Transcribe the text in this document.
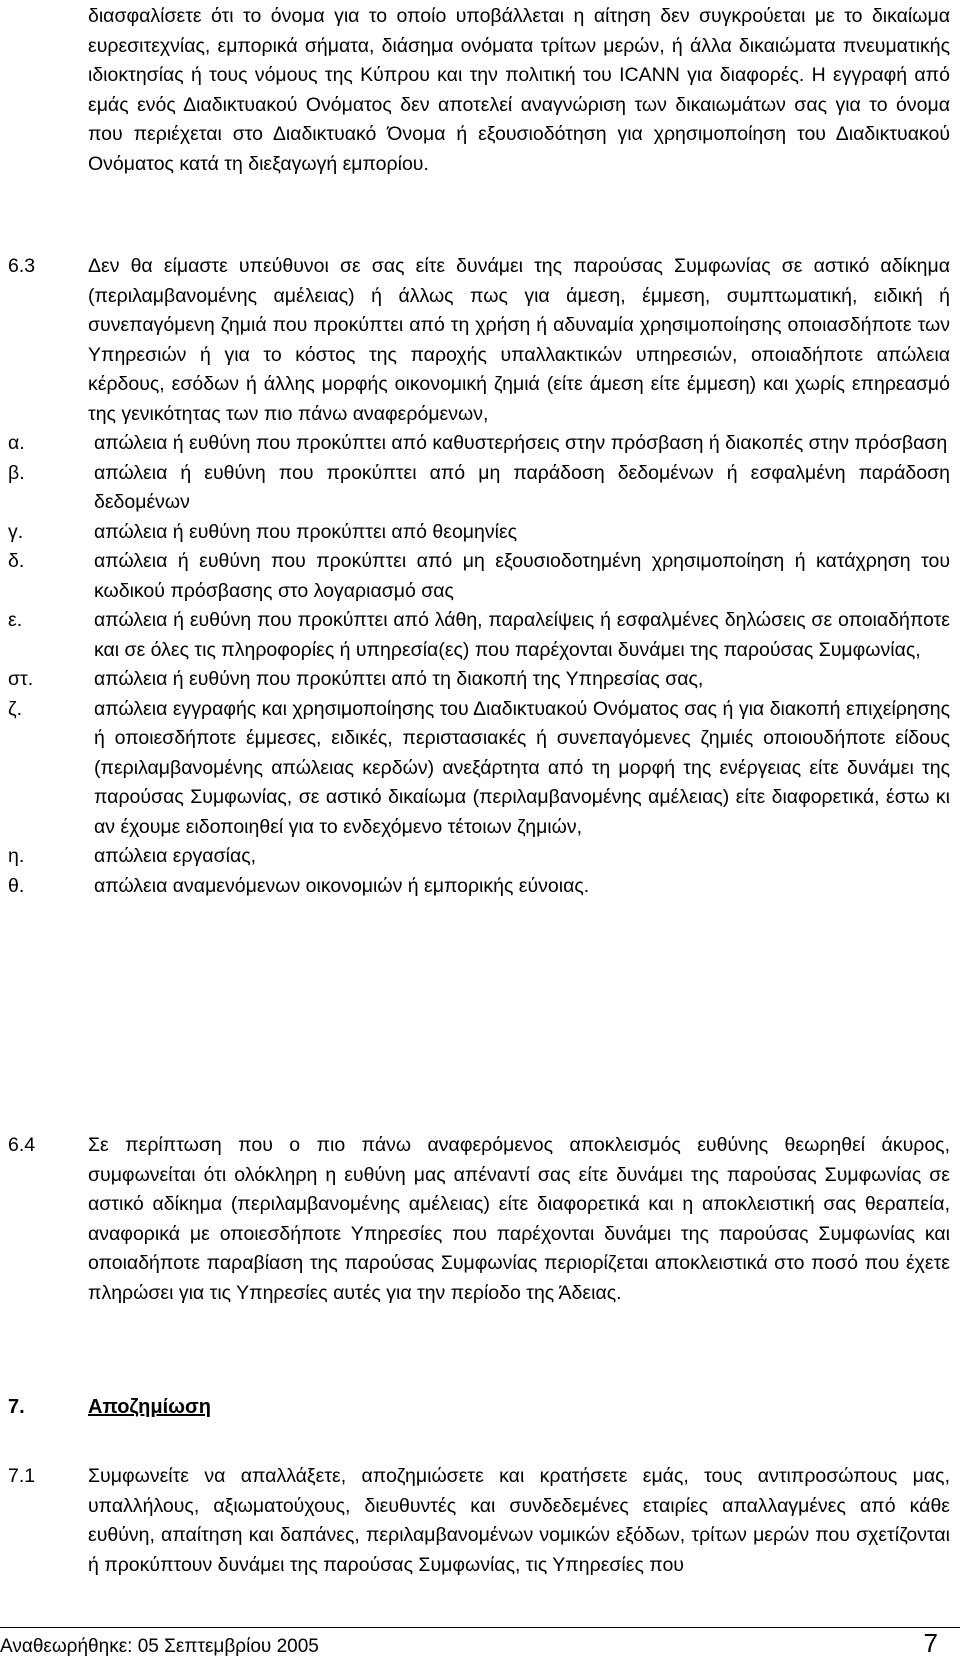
διασφαλίσετε ότι το όνομα για το οποίο υποβάλλεται η αίτηση δεν συγκρούεται με το δικαίωμα ευρεσιτεχνίας, εμπορικά σήματα, διάσημα ονόματα τρίτων μερών, ή άλλα δικαιώματα πνευματικής ιδιοκτησίας ή τους νόμους της Κύπρου και την πολιτική του ICANN για διαφορές. Η εγγραφή από εμάς ενός Διαδικτυακού Ονόματος δεν αποτελεί αναγνώριση των δικαιωμάτων σας για το όνομα που περιέχεται στο Διαδικτυακό Όνομα ή εξουσιοδότηση για χρησιμοποίηση του Διαδικτυακού Ονόματος κατά τη διεξαγωγή εμπορίου.

6.3	Δεν θα είμαστε υπεύθυνοι σε σας είτε δυνάμει της παρούσας Συμφωνίας σε αστικό αδίκημα (περιλαμβανομένης αμέλειας) ή άλλως πως για άμεση, έμμεση, συμπτωματική, ειδική ή συνεπαγόμενη ζημιά που προκύπτει από τη χρήση ή αδυναμία χρησιμοποίησης οποιασδήποτε των Υπηρεσιών ή για το κόστος της παροχής υπαλλακτικών υπηρεσιών, οποιαδήποτε απώλεια κέρδους, εσόδων ή άλλης μορφής οικονομική ζημιά (είτε άμεση είτε έμμεση) και χωρίς επηρεασμό της γενικότητας των πιο πάνω αναφερόμενων,

α.	απώλεια ή ευθύνη που προκύπτει από καθυστερήσεις στην πρόσβαση ή διακοπές στην πρόσβαση
β.	απώλεια ή ευθύνη που προκύπτει από μη παράδοση δεδομένων ή εσφαλμένη παράδοση δεδομένων
γ.	απώλεια ή ευθύνη που προκύπτει από θεομηνίες
δ.	απώλεια ή ευθύνη που προκύπτει από μη εξουσιοδοτημένη χρησιμοποίηση ή κατάχρηση του κωδικού πρόσβασης στο λογαριασμό σας
ε.	απώλεια ή ευθύνη που προκύπτει από λάθη, παραλείψεις ή εσφαλμένες δηλώσεις σε οποιαδήποτε και σε όλες τις πληροφορίες ή υπηρεσία(ες) που παρέχονται δυνάμει της παρούσας Συμφωνίας,
στ.	απώλεια ή ευθύνη που προκύπτει από τη διακοπή της Υπηρεσίας σας,
ζ.	απώλεια εγγραφής και χρησιμοποίησης του Διαδικτυακού Ονόματος σας ή για διακοπή επιχείρησης ή οποιεσδήποτε έμμεσες, ειδικές, περιστασιακές ή συνεπαγόμενες ζημιές οποιουδήποτε είδους (περιλαμβανομένης απώλειας κερδών) ανεξάρτητα από τη μορφή της ενέργειας είτε δυνάμει της παρούσας Συμφωνίας, σε αστικό δικαίωμα (περιλαμβανομένης αμέλειας) είτε διαφορετικά, έστω κι αν έχουμε ειδοποιηθεί για το ενδεχόμενο τέτοιων ζημιών,
η.	απώλεια εργασίας,
θ.	απώλεια αναμενόμενων οικονομιών ή εμπορικής εύνοιας.
6.4	Σε περίπτωση που ο πιο πάνω αναφερόμενος αποκλεισμός ευθύνης θεωρηθεί άκυρος, συμφωνείται ότι ολόκληρη η ευθύνη μας απέναντί σας είτε δυνάμει της παρούσας Συμφωνίας σε αστικό αδίκημα (περιλαμβανομένης αμέλειας) είτε διαφορετικά και η αποκλειστική σας θεραπεία, αναφορικά με οποιεσδήποτε Υπηρεσίες που παρέχονται δυνάμει της παρούσας Συμφωνίας και οποιαδήποτε παραβίαση της παρούσας Συμφωνίας περιορίζεται αποκλειστικά στο ποσό που έχετε πληρώσει για τις Υπηρεσίες αυτές για την περίοδο της Άδειας.

7.	Αποζημίωση
7.1	Συμφωνείτε να απαλλάξετε, αποζημιώσετε και κρατήσετε εμάς, τους αντιπροσώπους μας, υπαλλήλους, αξιωματούχους, διευθυντές και συνδεδεμένες εταιρίες απαλλαγμένες από κάθε ευθύνη, απαίτηση και δαπάνες, περιλαμβανομένων νομικών εξόδων, τρίτων μερών που σχετίζονται ή προκύπτουν δυνάμει της παρούσας Συμφωνίας, τις Υπηρεσίες που

Αναθεωρήθηκε: 05 Σεπτεμβρίου 2005	7
